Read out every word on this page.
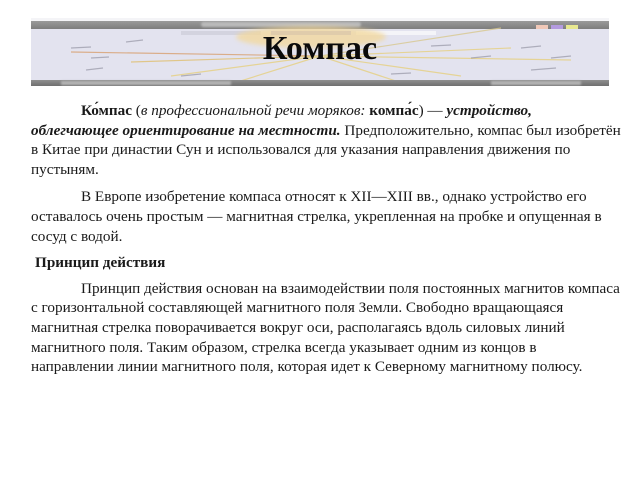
Компас

Ко́мпас (в профессиональной речи моряков: компа́с) — устройство, облегчающее ориентирование на местности. Предположительно, компас был изобретён в Китае при династии Сун и использовался для указания направления движения по пустыням.

В Европе изобретение компаса относят к XII—XIII вв., однако устройство его оставалось очень простым — магнитная стрелка, укрепленная на пробке и опущенная в сосуд с водой.

Принцип действия

Принцип действия основан на взаимодействии поля постоянных магнитов компаса с горизонтальной составляющей магнитного поля Земли. Свободно вращающаяся магнитная стрелка поворачивается вокруг оси, располагаясь вдоль силовых линий магнитного поля. Таким образом, стрелка всегда указывает одним из концов в направлении линии магнитного поля, которая идет к Северному магнитному полюсу.
